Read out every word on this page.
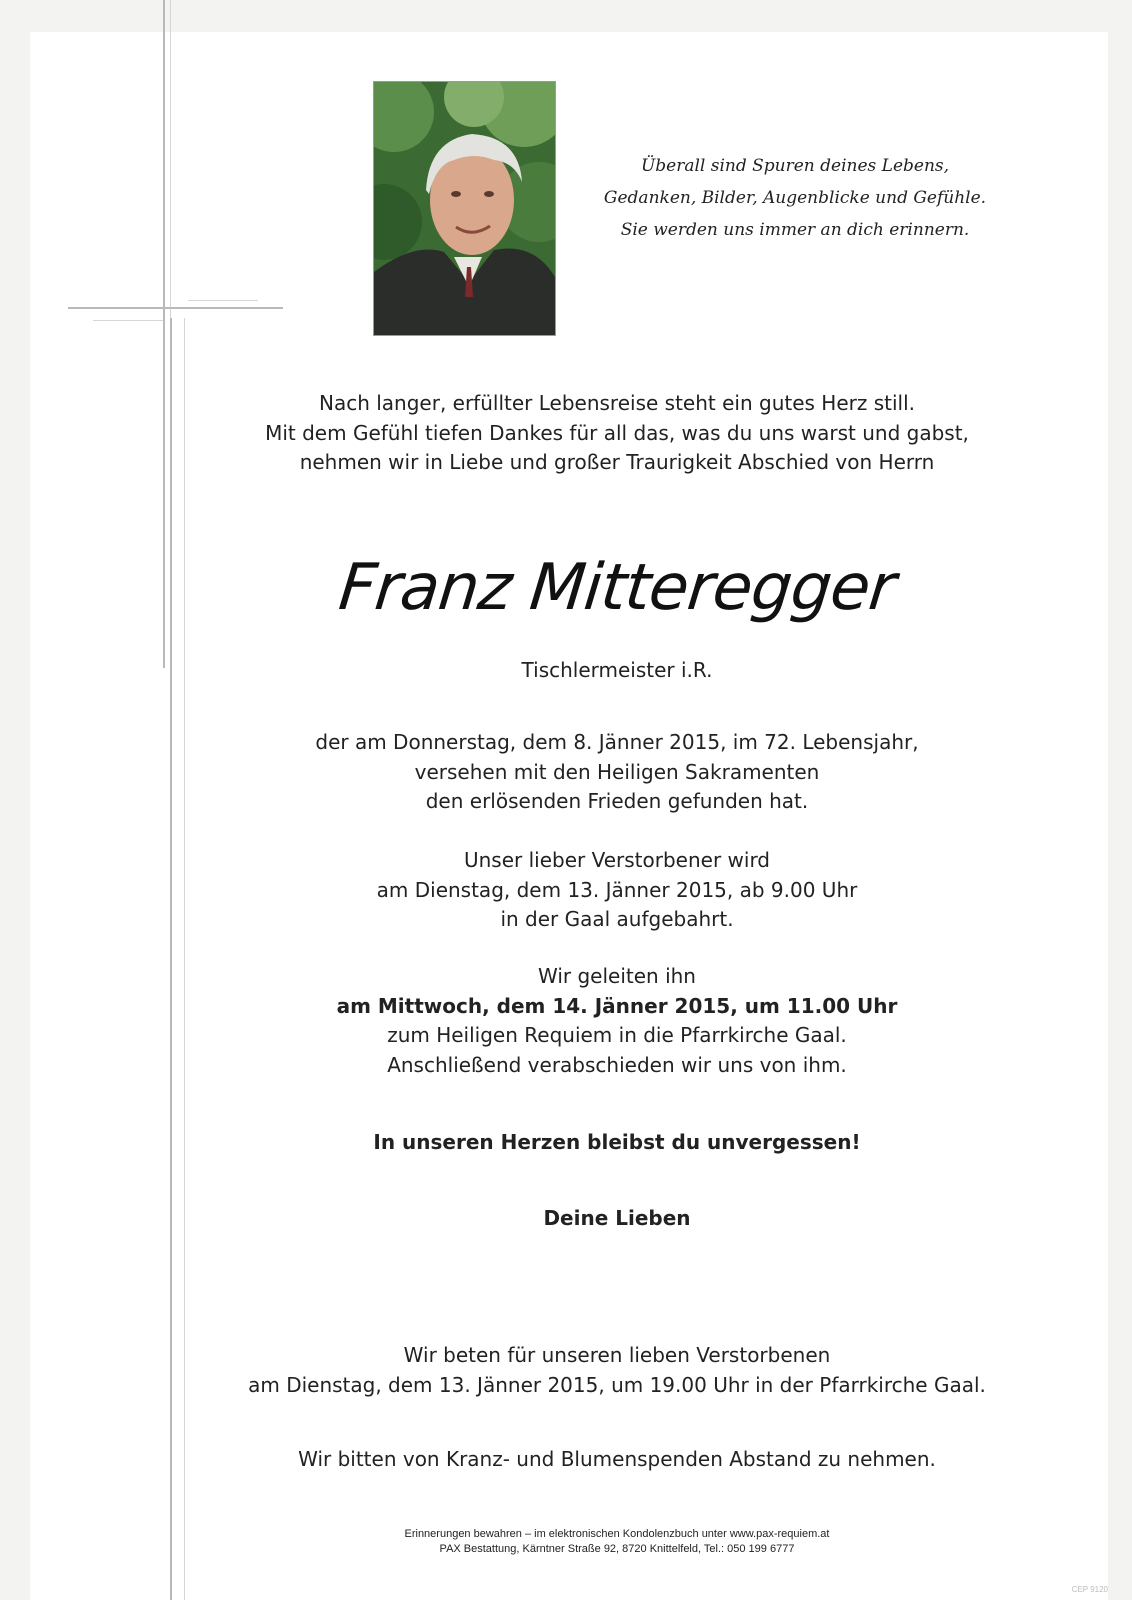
Überall sind Spuren deines Lebens,
Gedanken, Bilder, Augenblicke und Gefühle.
Sie werden uns immer an dich erinnern.
Nach langer, erfüllter Lebensreise steht ein gutes Herz still.
Mit dem Gefühl tiefen Dankes für all das, was du uns warst und gabst,
nehmen wir in Liebe und großer Traurigkeit Abschied von Herrn
Franz Mitteregger
Tischlermeister i.R.
der am Donnerstag, dem 8. Jänner 2015, im 72. Lebensjahr,
versehen mit den Heiligen Sakramenten
den erlösenden Frieden gefunden hat.
Unser lieber Verstorbener wird
am Dienstag, dem 13. Jänner 2015, ab 9.00 Uhr
in der Gaal aufgebahrt.
Wir geleiten ihn
am Mittwoch, dem 14. Jänner 2015, um 11.00 Uhr
zum Heiligen Requiem in die Pfarrkirche Gaal.
Anschließend verabschieden wir uns von ihm.
In unseren Herzen bleibst du unvergessen!
Deine Lieben
Wir beten für unseren lieben Verstorbenen
am Dienstag, dem 13. Jänner 2015, um 19.00 Uhr in der Pfarrkirche Gaal.
Wir bitten von Kranz- und Blumenspenden Abstand zu nehmen.
Erinnerungen bewahren – im elektronischen Kondolenzbuch unter www.pax-requiem.at
PAX Bestattung, Kärntner Straße 92, 8720 Knittelfeld, Tel.: 050 199 6777
CEP 9120
